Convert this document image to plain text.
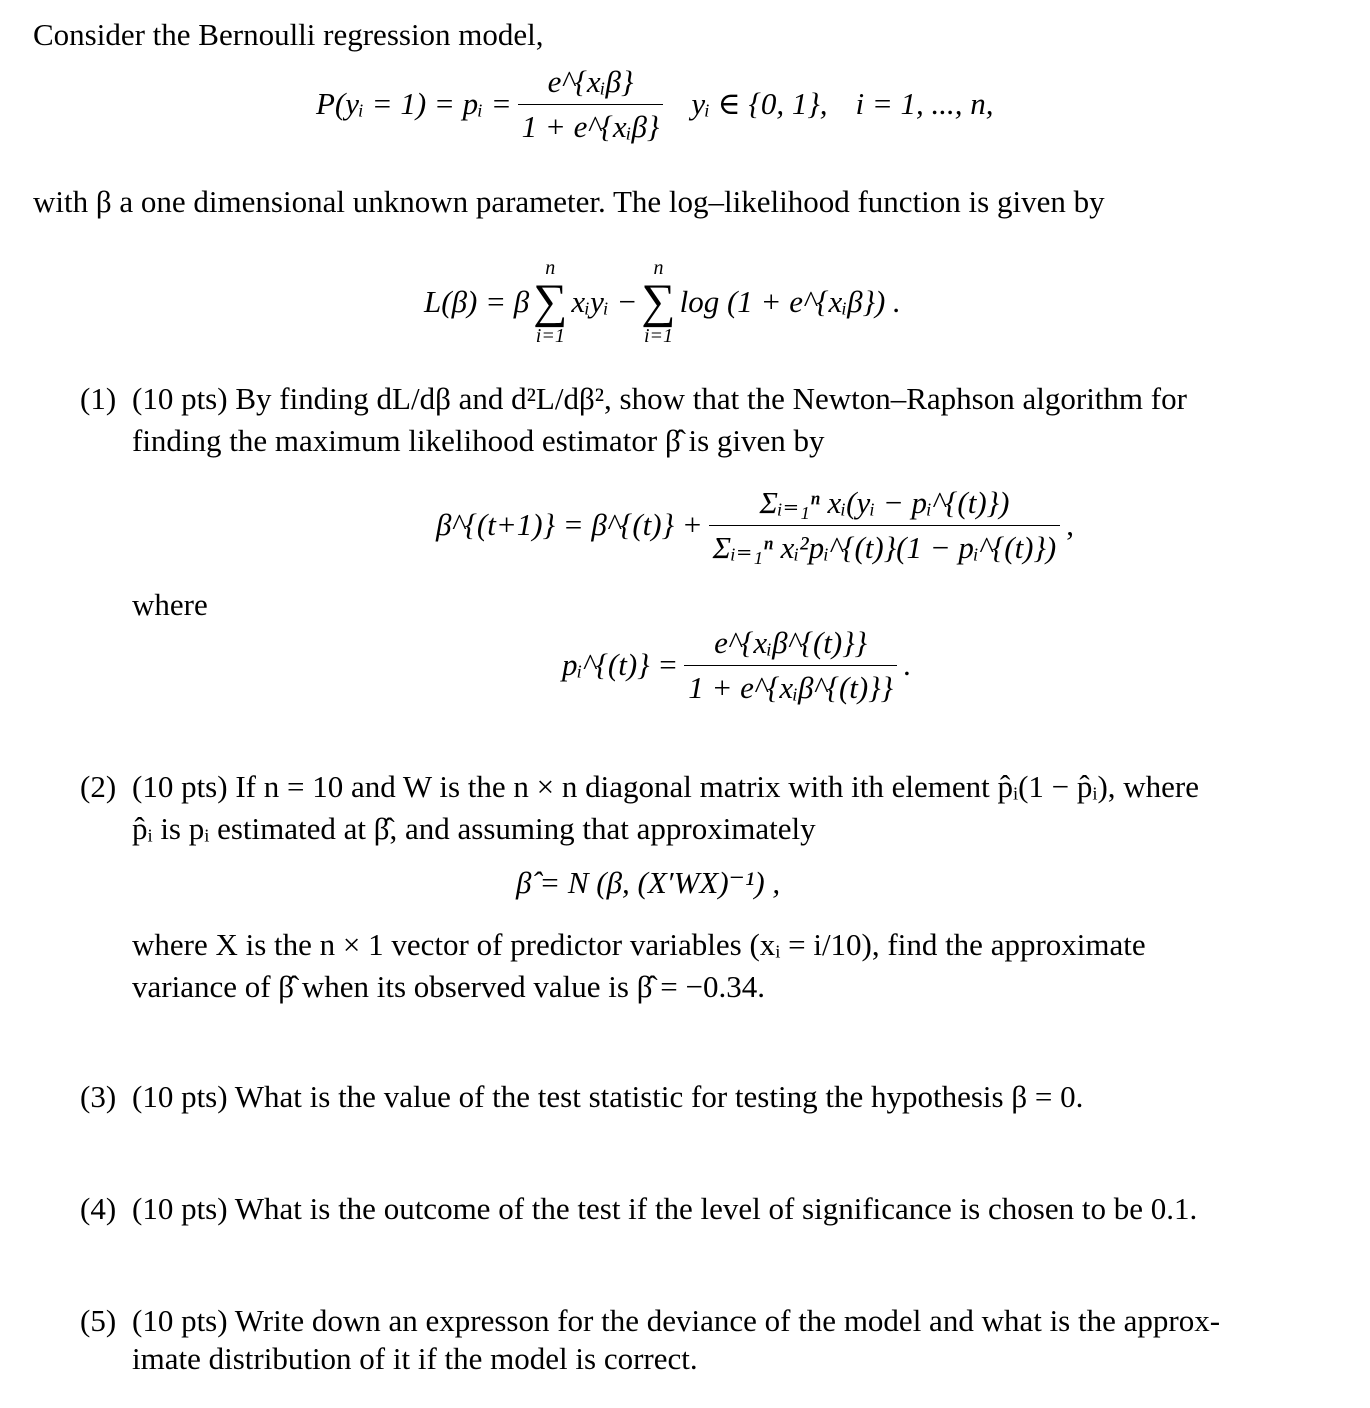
Consider the Bernoulli regression model,
P(yᵢ = 1) = pᵢ = $\frac{\text{e\textasciicircum{}\{xᵢβ\}}}{\text{1 + e\textasciicircum{}\{xᵢβ\}}}$ yᵢ ∈ {0, 1}, i = 1, ..., n,
with β a one dimensional unknown parameter. The log–likelihood function is given by
L(β) = β
n
∑
i=1
xᵢyᵢ −
n
∑
i=1
log (1 + e^{xᵢβ}) .
(1) (10 pts) By finding dL/dβ and d²L/dβ², show that the Newton–Raphson algorithm for
finding the maximum likelihood estimator β̂ is given by
β^{(t+1)} = β^{(t)} + $\frac{\text{Σᵢ₌₁ⁿ xᵢ(yᵢ − pᵢ\textasciicircum{}\{(t)\})}}{\text{Σᵢ₌₁ⁿ xᵢ²pᵢ\textasciicircum{}\{(t)\}(1 − pᵢ\textasciicircum{}\{(t)\})}}$ ,
where
pᵢ^{(t)} = $\frac{\text{e\textasciicircum{}\{xᵢβ\textasciicircum{}\{(t)\}\}}}{\text{1 + e\textasciicircum{}\{xᵢβ\textasciicircum{}\{(t)\}\}}}$ .
(2) (10 pts) If n = 10 and W is the n × n diagonal matrix with ith element p̂ᵢ(1 − p̂ᵢ), where
p̂ᵢ is pᵢ estimated at β̂, and assuming that approximately
β̂ = N (β, (X′WX)⁻¹) ,
where X is the n × 1 vector of predictor variables (xᵢ = i/10), find the approximate
variance of β̂ when its observed value is β̂ = −0.34.
(3) (10 pts) What is the value of the test statistic for testing the hypothesis β = 0.
(4) (10 pts) What is the outcome of the test if the level of significance is chosen to be 0.1.
(5) (10 pts) Write down an expresson for the deviance of the model and what is the approx-
imate distribution of it if the model is correct.
